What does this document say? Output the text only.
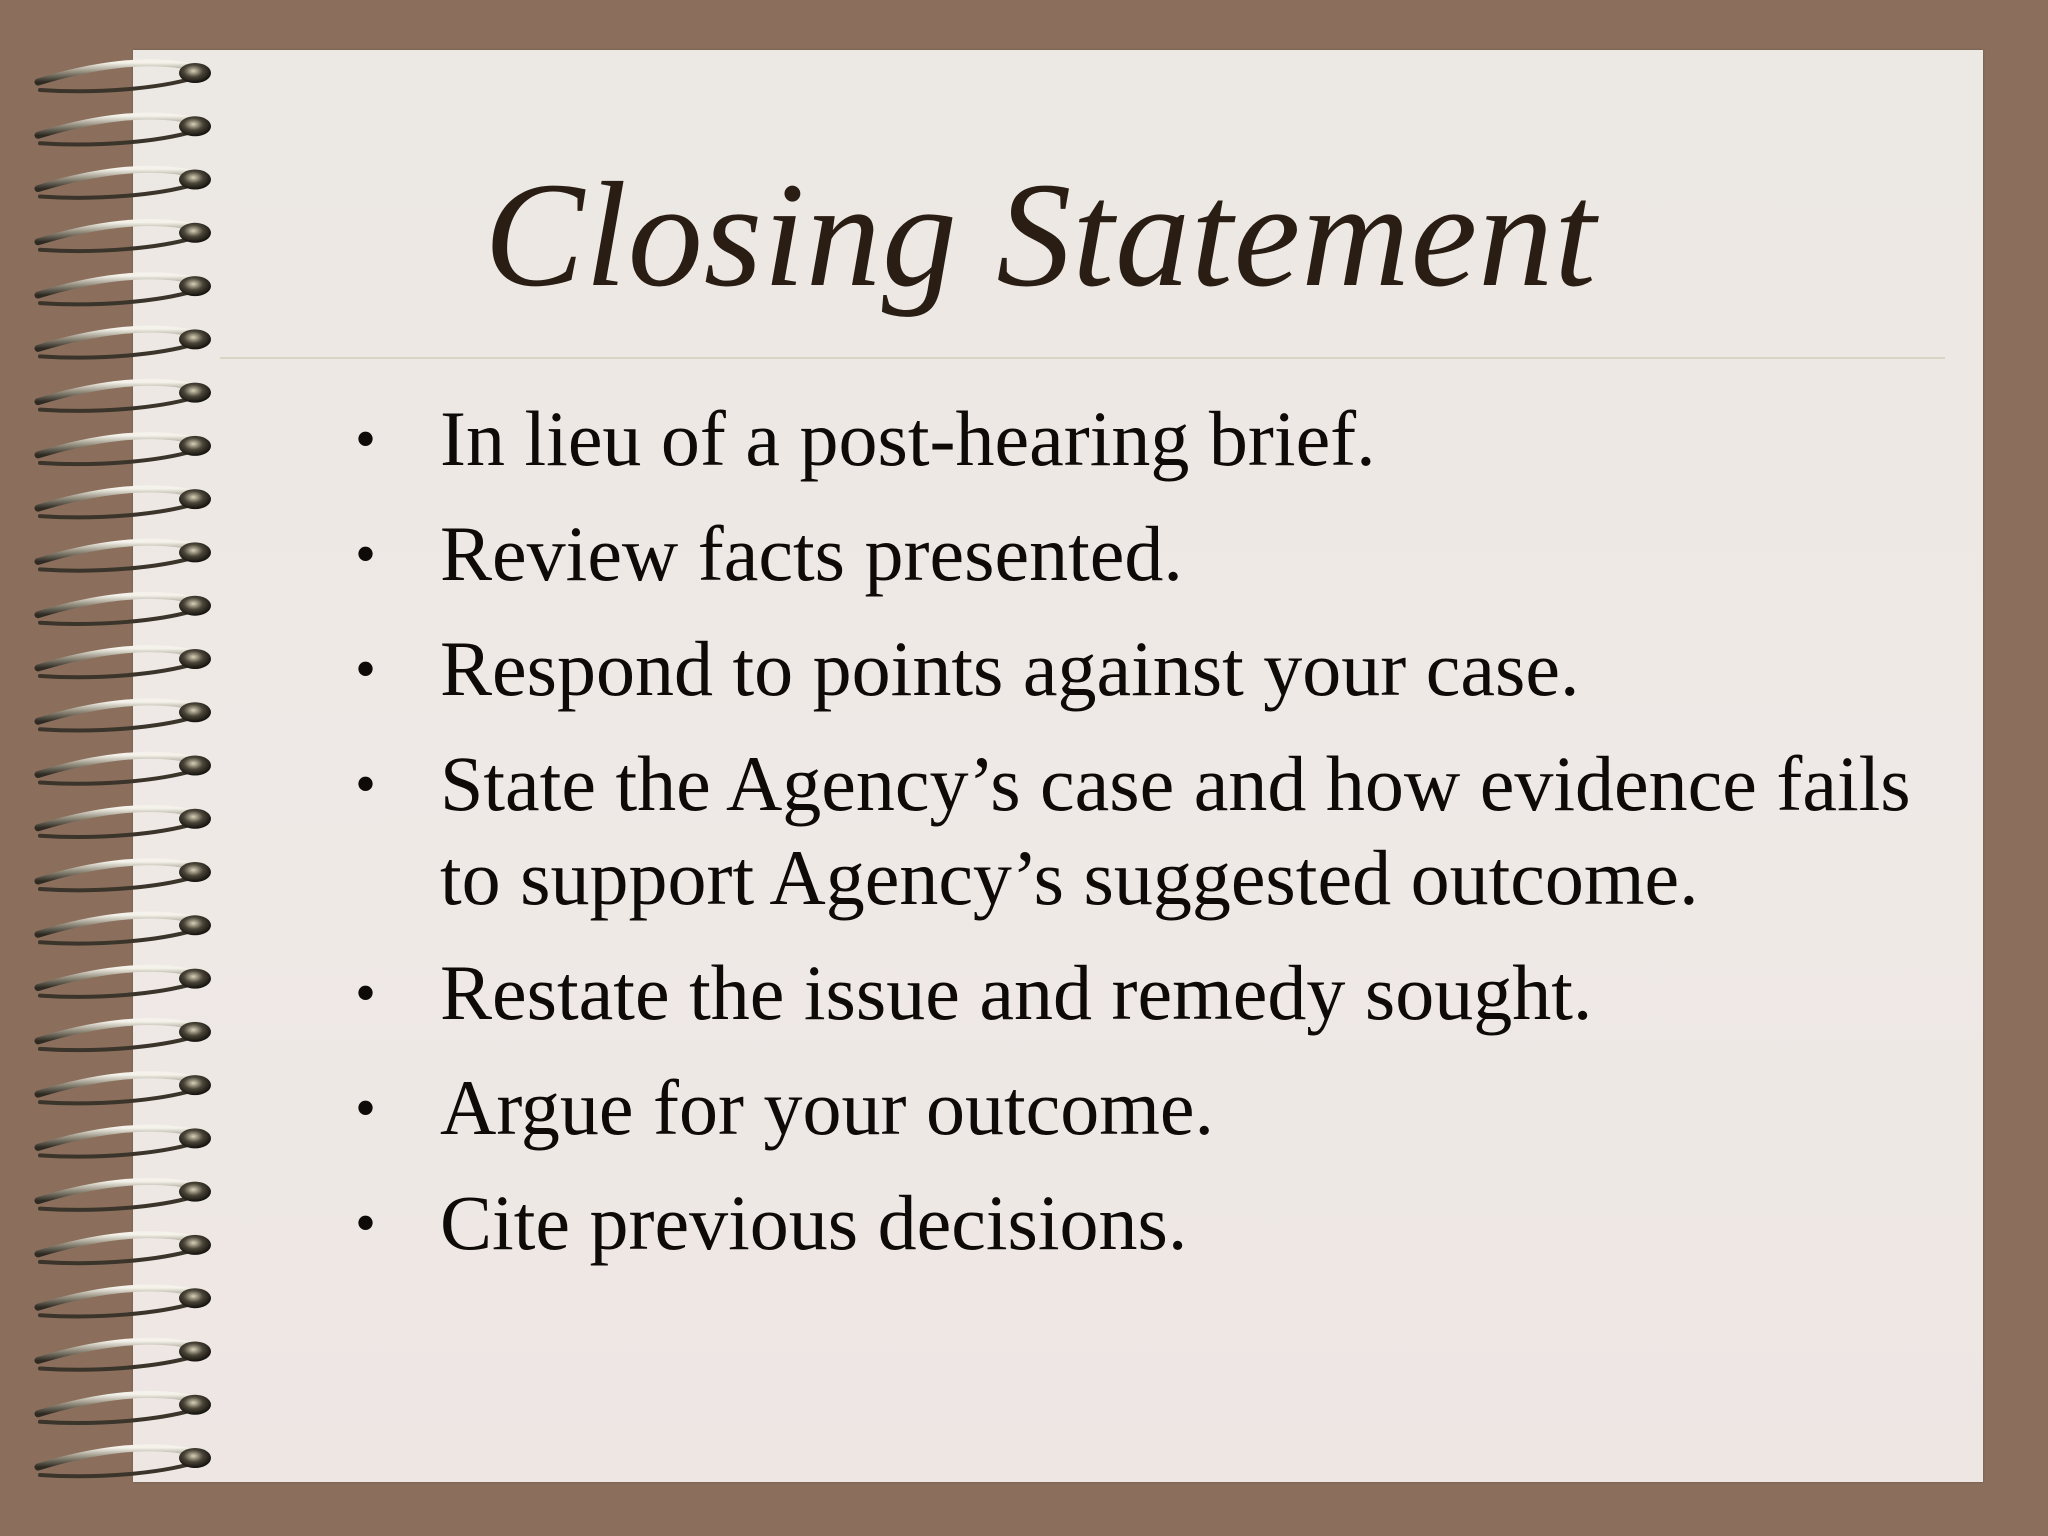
Closing Statement
• In lieu of a post-hearing brief.
• Review facts presented.
• Respond to points against your case.
• State the Agency’s case and how evidence fails to support Agency’s suggested outcome.
• Restate the issue and remedy sought.
• Argue for your outcome.
• Cite previous decisions.
